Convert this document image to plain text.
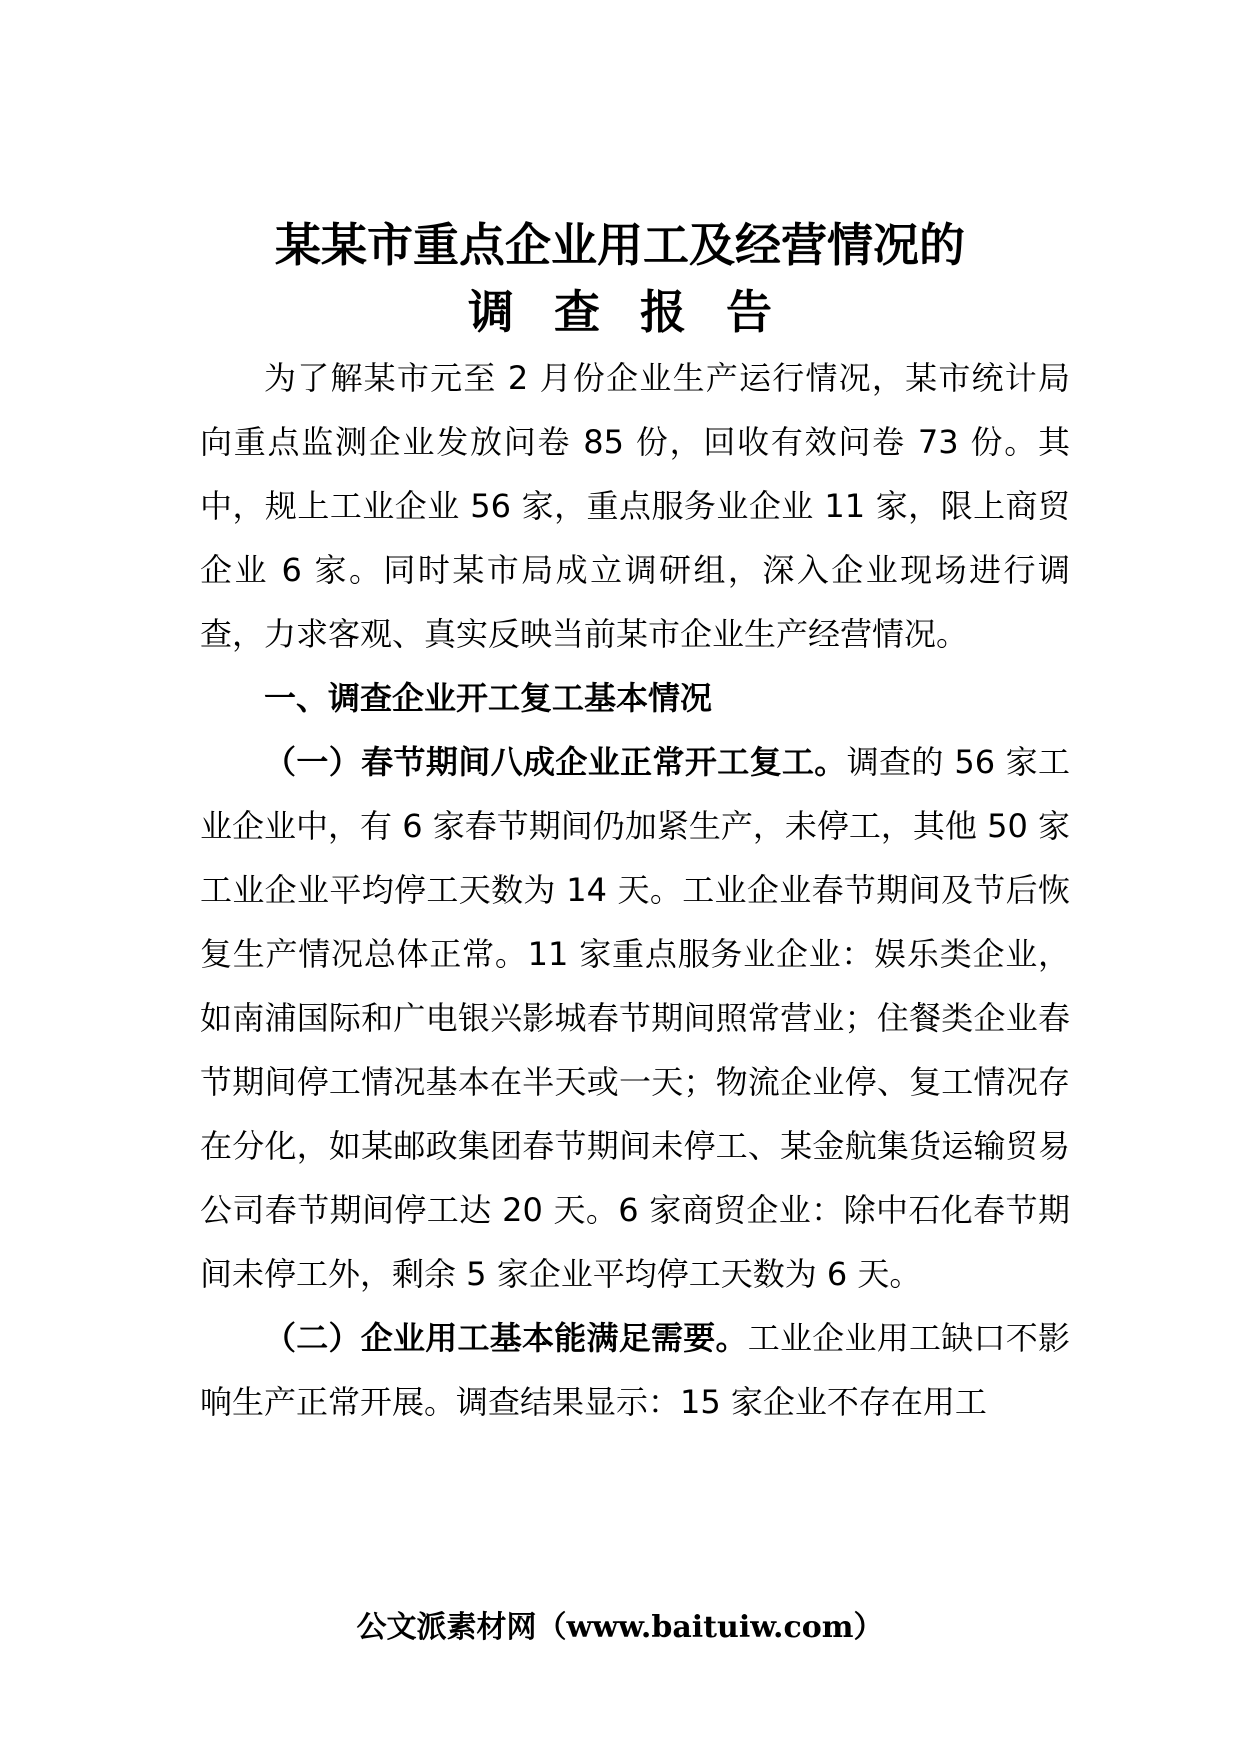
某某市重点企业用工及经营情况的
调查报告

为了解某市元至 2 月份企业生产运行情况，某市统计局向重点监测企业发放问卷 85 份，回收有效问卷 73 份。其中，规上工业企业 56 家，重点服务业企业 11 家，限上商贸企业 6 家。同时某市局成立调研组，深入企业现场进行调查，力求客观、真实反映当前某市企业生产经营情况。

一、调查企业开工复工基本情况

（一）春节期间八成企业正常开工复工。调查的 56 家工业企业中，有 6 家春节期间仍加紧生产，未停工，其他 50 家工业企业平均停工天数为 14 天。工业企业春节期间及节后恢复生产情况总体正常。11 家重点服务业企业：娱乐类企业，如南浦国际和广电银兴影城春节期间照常营业；住餐类企业春节期间停工情况基本在半天或一天；物流企业停、复工情况存在分化，如某邮政集团春节期间未停工、某金航集货运输贸易公司春节期间停工达 20 天。6 家商贸企业：除中石化春节期间未停工外，剩余 5 家企业平均停工天数为 6 天。

（二）企业用工基本能满足需要。工业企业用工缺口不影响生产正常开展。调查结果显示：15 家企业不存在用工

公文派素材网（www.baituiw.com）
